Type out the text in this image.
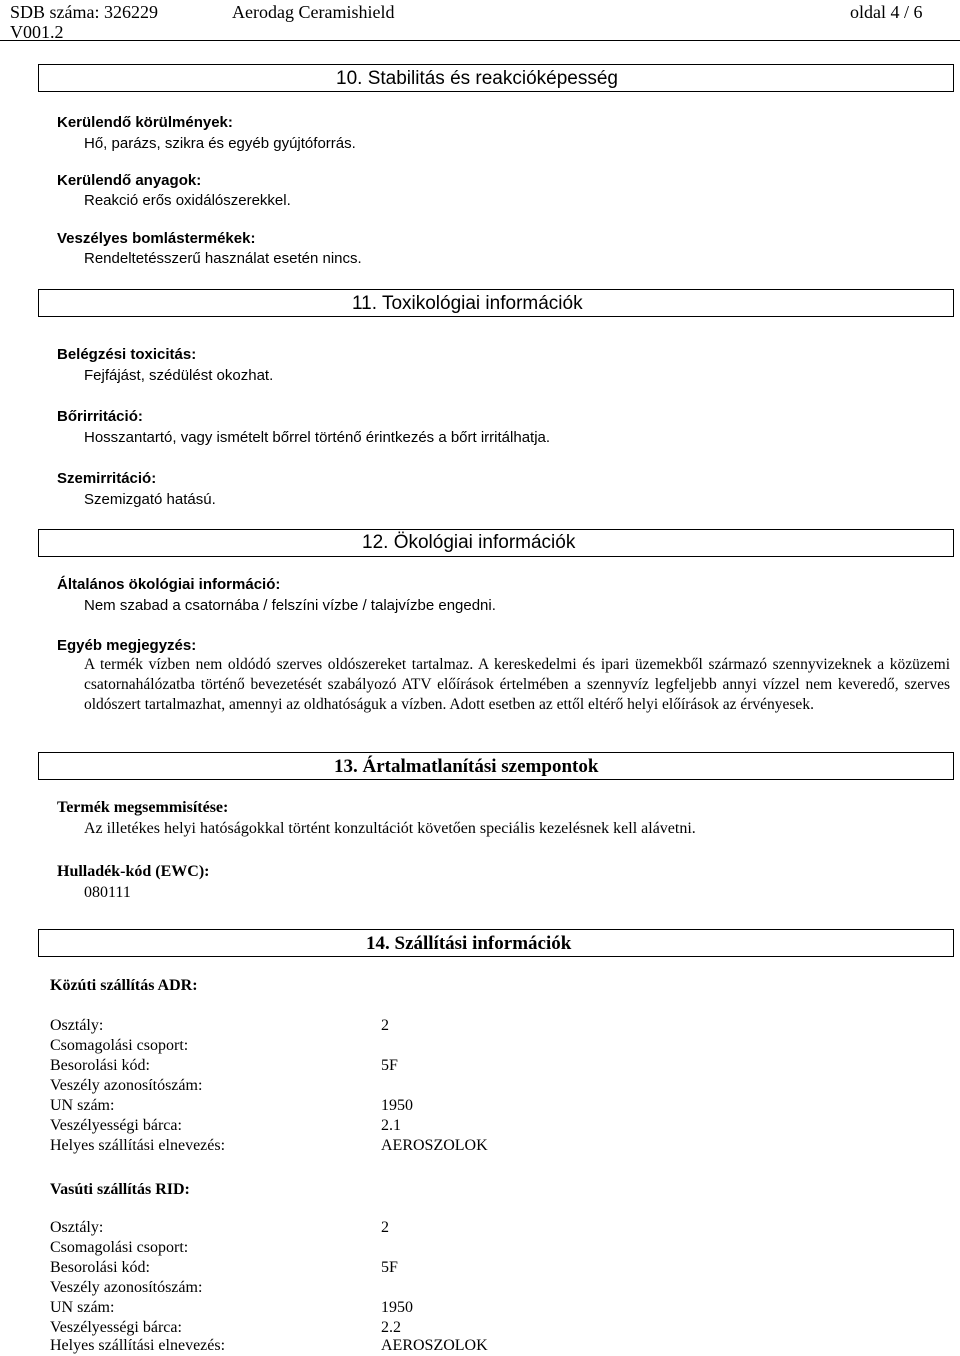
SDB száma: 326229	Aerodag Ceramishield	oldal 4 / 6
V001.2
10. Stabilitás és reakcióképesség
Kerülendő körülmények:
Hő, parázs, szikra és egyéb gyújtóforrás.
Kerülendő anyagok:
Reakció erős oxidálószerekkel.
Veszélyes bomlástermékek:
Rendeltetésszerű használat esetén nincs.
11. Toxikológiai információk
Belégzési toxicitás:
Fejfájást, szédülést okozhat.
Bőrirritáció:
Hosszantartó, vagy ismételt bőrrel történő érintkezés a bőrt irritálhatja.
Szemirritáció:
Szemizgató hatású.
12. Ökológiai információk
Általános ökológiai információ:
Nem szabad a csatornába / felszíni vízbe / talajvízbe engedni.
Egyéb megjegyzés:
A termék vízben nem oldódó szerves oldószereket tartalmaz. A kereskedelmi és ipari üzemekből származó szennyvizeknek a közüzemi csatornahálózatba történő bevezetését szabályozó ATV előírások értelmében a szennyvíz legfeljebb annyi vízzel nem keveredő, szerves oldószert tartalmazhat, amennyi az oldhatóságuk a vízben. Adott esetben az ettől eltérő helyi előírások az érvényesek.
13. Ártalmatlanítási szempontok
Termék megsemmisítése:
Az illetékes helyi hatóságokkal történt konzultációt követően speciális kezelésnek kell alávetni.
Hulladék-kód (EWC):
080111
14. Szállítási információk
Közúti szállítás ADR:
Osztály:	2
Csomagolási csoport:
Besorolási kód:	5F
Veszély azonosítószám:
UN szám:	1950
Veszélyességi bárca:	2.1
Helyes szállítási elnevezés:	AEROSZOLOK
Vasúti szállítás RID:
Osztály:	2
Csomagolási csoport:
Besorolási kód:	5F
Veszély azonosítószám:
UN szám:	1950
Veszélyességi bárca:	2.2
Helyes szállítási elnevezés:	AEROSZOLOK
